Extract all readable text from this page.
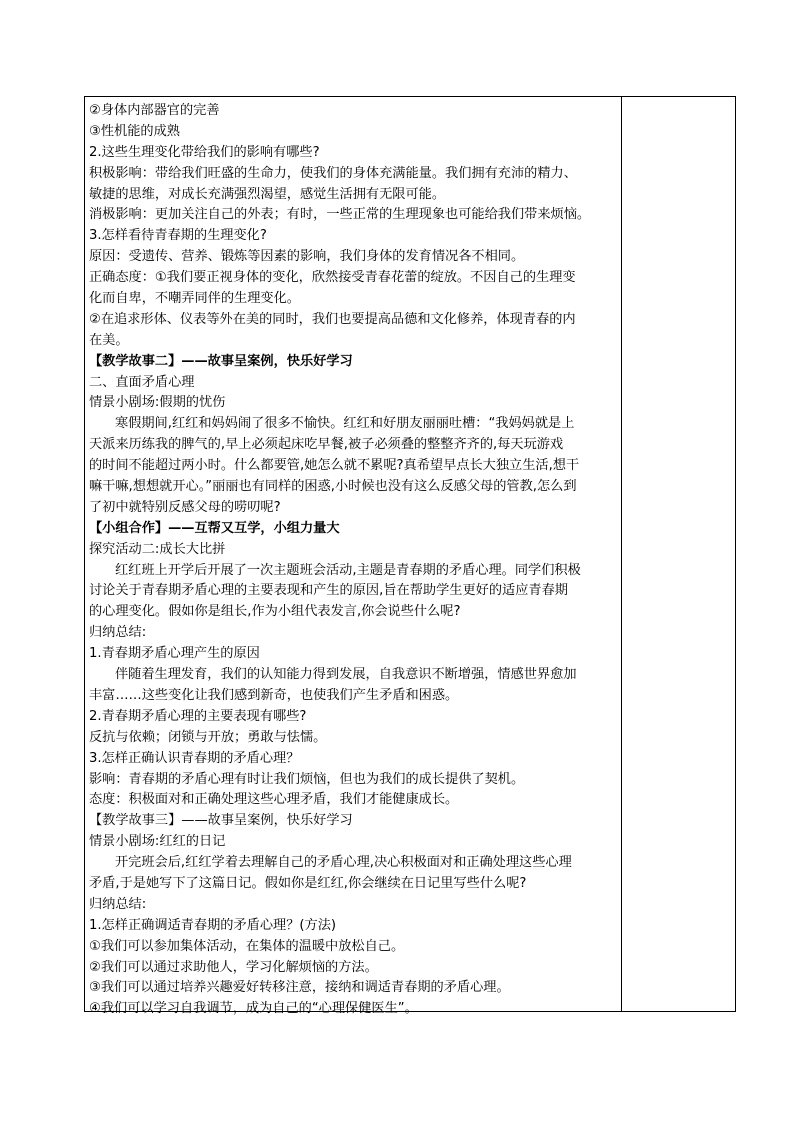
②身体内部器官的完善
③性机能的成熟
2.这些生理变化带给我们的影响有哪些?
积极影响：带给我们旺盛的生命力，使我们的身体充满能量。我们拥有充沛的精力、
敏捷的思维，对成长充满强烈渴望，感觉生活拥有无限可能。
消极影响：更加关注自己的外表；有时，一些正常的生理现象也可能给我们带来烦恼。
3.怎样看待青春期的生理变化?
原因：受遗传、营养、锻炼等因素的影响，我们身体的发育情况各不相同。
正确态度：①我们要正视身体的变化，欣然接受青春花蕾的绽放。不因自己的生理变
化而自卑，不嘲弄同伴的生理变化。
②在追求形体、仪表等外在美的同时，我们也要提高品德和文化修养，体现青春的内
在美。
【教学故事二】——故事呈案例，快乐好学习
二、直面矛盾心理
情景小剧场:假期的忧伤
寒假期间,红红和妈妈闹了很多不愉快。红红和好朋友丽丽吐槽：“我妈妈就是上
天派来历练我的脾气的,早上必须起床吃早餐,被子必须叠的整整齐齐的,每天玩游戏
的时间不能超过两小时。什么都要管,她怎么就不累呢?真希望早点长大独立生活,想干
嘛干嘛,想想就开心。”丽丽也有同样的困惑,小时候也没有这么反感父母的管教,怎么到
了初中就特别反感父母的唠叨呢?
【小组合作】——互帮又互学，小组力量大
探究活动二:成长大比拼
红红班上开学后开展了一次主题班会活动,主题是青春期的矛盾心理。同学们积极
讨论关于青春期矛盾心理的主要表现和产生的原因,旨在帮助学生更好的适应青春期
的心理变化。假如你是组长,作为小组代表发言,你会说些什么呢?
归纳总结:
1.青春期矛盾心理产生的原因
伴随着生理发育，我们的认知能力得到发展，自我意识不断增强，情感世界愈加
丰富……这些变化让我们感到新奇，也使我们产生矛盾和困惑。
2.青春期矛盾心理的主要表现有哪些?
反抗与依赖；闭锁与开放；勇敢与怯懦。
3.怎样正确认识青春期的矛盾心理？
影响：青春期的矛盾心理有时让我们烦恼，但也为我们的成长提供了契机。
态度：积极面对和正确处理这些心理矛盾，我们才能健康成长。
【教学故事三】——故事呈案例，快乐好学习
情景小剧场:红红的日记
开完班会后,红红学着去理解自己的矛盾心理,决心积极面对和正确处理这些心理
矛盾,于是她写下了这篇日记。假如你是红红,你会继续在日记里写些什么呢?
归纳总结:
1.怎样正确调适青春期的矛盾心理？(方法)
①我们可以参加集体活动，在集体的温暖中放松自己。
②我们可以通过求助他人，学习化解烦恼的方法。
③我们可以通过培养兴趣爱好转移注意，接纳和调适青春期的矛盾心理。
④我们可以学习自我调节，成为自己的“心理保健医生”。
